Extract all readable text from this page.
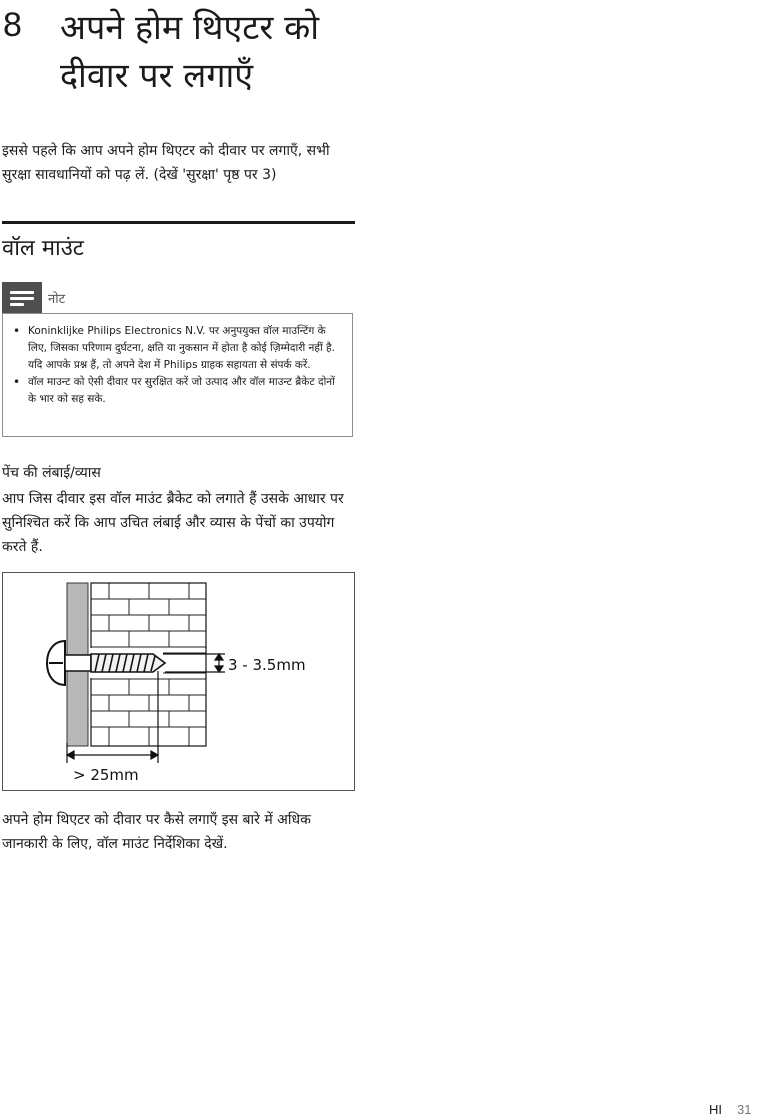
8 अपने होम थिएटर को दीवार पर लगाएँ
इससे पहले कि आप अपने होम थिएटर को दीवार पर लगाएँ, सभी सुरक्षा सावधानियों को पढ़ लें. (देखें 'सुरक्षा' पृष्ठ पर 3)
वॉल माउंट
नोट
• Koninklijke Philips Electronics N.V. पर अनुपयुक्त वॉल माउन्टिंग के लिए, जिसका परिणाम दुर्घटना, क्षति या नुकसान में होता है कोई ज़िम्मेदारी नहीं है. यदि आपके प्रश्न हैं, तो अपने देश में Philips ग्राहक सहायता से संपर्क करें.
• वॉल माउन्ट को ऐसी दीवार पर सुरक्षित करें जो उत्पाद और वॉल माउन्ट ब्रैकेट दोनों के भार को सह सके.
पेंच की लंबाई/व्यास
आप जिस दीवार इस वॉल माउंट ब्रैकेट को लगाते हैं उसके आधार पर सुनिश्चित करें कि आप उचित लंबाई और व्यास के पेंचों का उपयोग करते हैं.
3 - 3.5mm
> 25mm
अपने होम थिएटर को दीवार पर कैसे लगाएँ इस बारे में अधिक जानकारी के लिए, वॉल माउंट निर्देशिका देखें.
HI 31
